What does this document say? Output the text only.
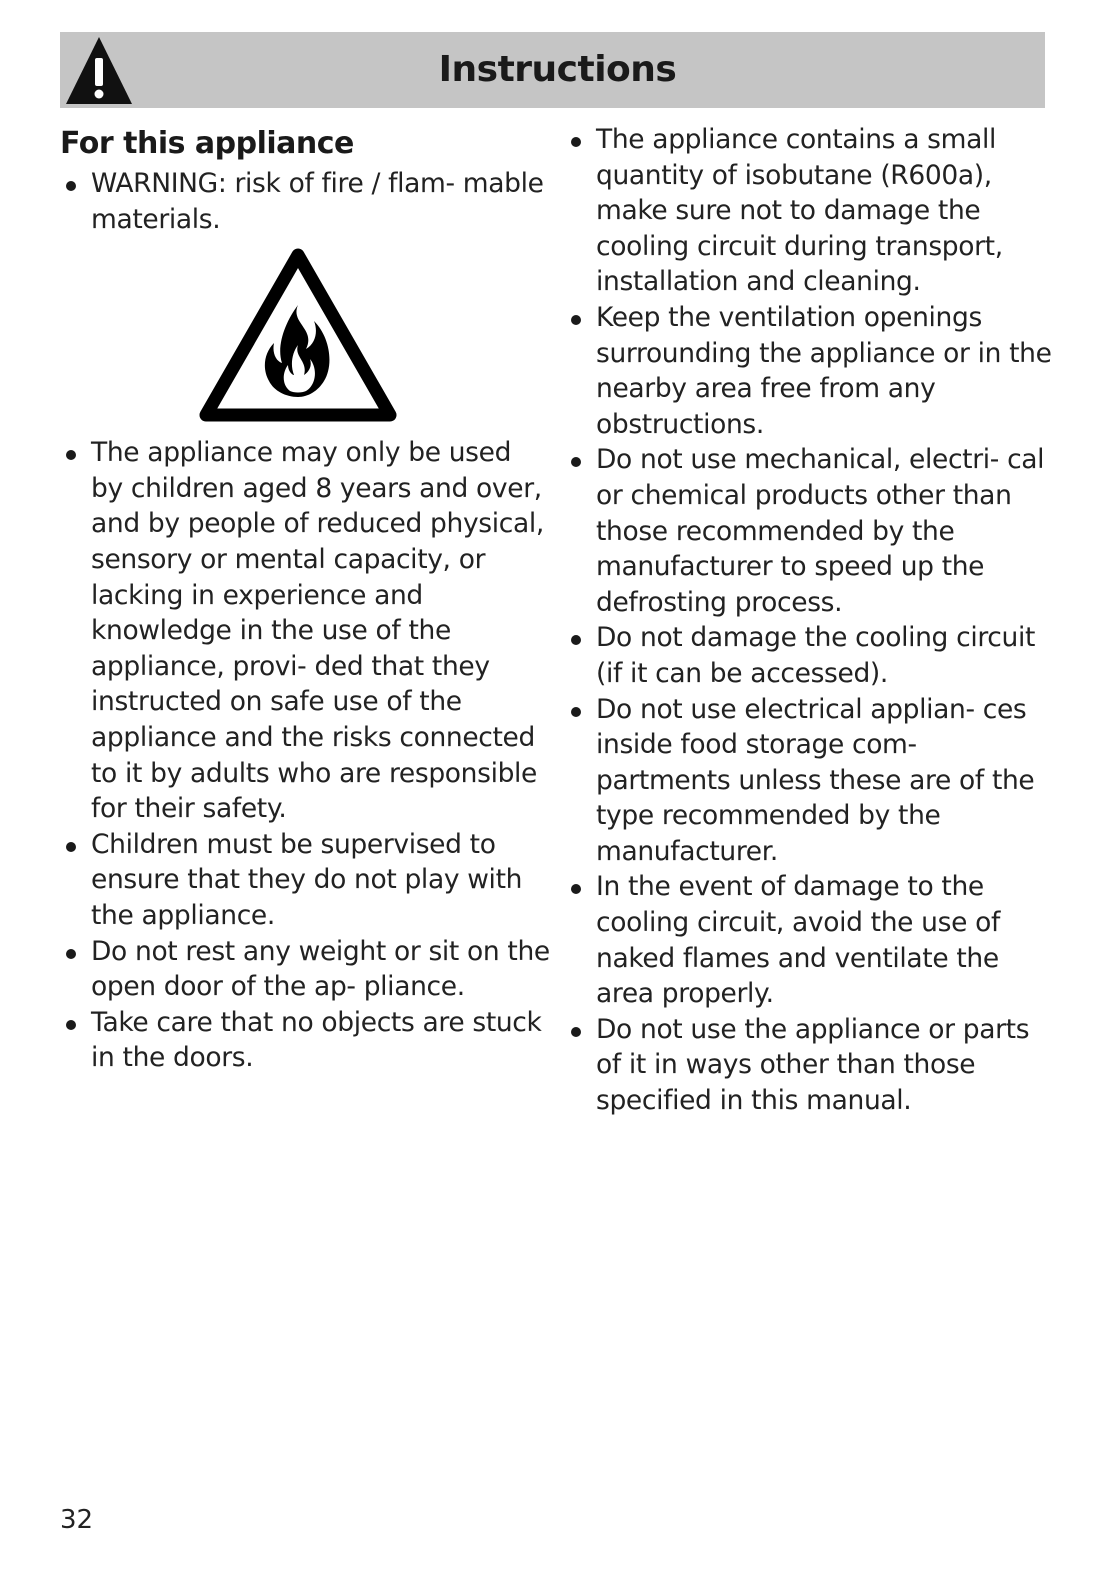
Instructions
For this appliance
WARNING: risk of fire / flam- mable materials.
The appliance may only be used by children aged 8 years and over, and by people of reduced physical, sensory or mental capacity, or lacking in experience and knowledge in the use of the appliance, provi- ded that they instructed on safe use of the appliance and the risks connected to it by adults who are responsible for their safety.
Children must be supervised to ensure that they do not play with the appliance.
Do not rest any weight or sit on the open door of the ap- pliance.
Take care that no objects are stuck in the doors.
The appliance contains a small quantity of isobutane (R600a), make sure not to damage the cooling circuit during transport, installation and cleaning.
Keep the ventilation openings surrounding the appliance or in the nearby area free from any obstructions.
Do not use mechanical, electri- cal or chemical products other than those recommended by the manufacturer to speed up the defrosting process.
Do not damage the cooling circuit (if it can be accessed).
Do not use electrical applian- ces inside food storage com- partments unless these are of the type recommended by the manufacturer.
In the event of damage to the cooling circuit, avoid the use of naked flames and ventilate the area properly.
Do not use the appliance or parts of it in ways other than those specified in this manual.
32
